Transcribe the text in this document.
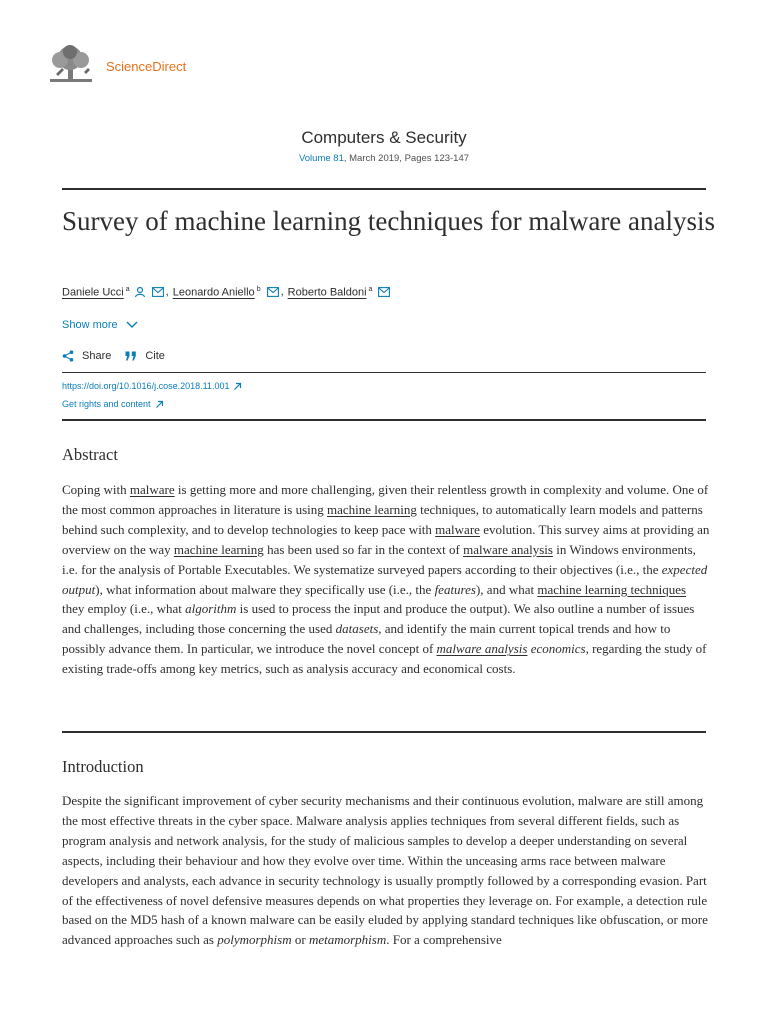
ScienceDirect
Computers & Security
Volume 81, March 2019, Pages 123-147
Survey of machine learning techniques for malware analysis
Daniele Ucci $^a$	, Leonardo Aniello $^b$ , Roberto Baldoni $^a$
Show more
Share	Cite
https://doi.org/10.1016/j.cose.2018.11.001
Get rights and content
Abstract

Coping with malware is getting more and more challenging, given their relentless growth in complexity and volume. One of the most common approaches in literature is using machine learning techniques, to automatically learn models and patterns behind such complexity, and to develop technologies to keep pace with malware evolution. This survey aims at providing an overview on the way machine learning has been used so far in the context of malware analysis in Windows environments, i.e. for the analysis of Portable Executables. We systematize surveyed papers according to their objectives (i.e., the expected output), what information about malware they specifically use (i.e., the features), and what machine learning techniques they employ (i.e., what algorithm is used to process the input and produce the output). We also outline a number of issues and challenges, including those concerning the used datasets, and identify the main current topical trends and how to possibly advance them. In particular, we introduce the novel concept of malware analysis economics, regarding the study of existing trade-offs among key metrics, such as analysis accuracy and economical costs.

Introduction

Despite the significant improvement of cyber security mechanisms and their continuous evolution, malware are still among the most effective threats in the cyber space. Malware analysis applies techniques from several different fields, such as program analysis and network analysis, for the study of malicious samples to develop a deeper understanding on several aspects, including their behaviour and how they evolve over time. Within the unceasing arms race between malware developers and analysts, each advance in security technology is usually promptly followed by a corresponding evasion. Part of the effectiveness of novel defensive measures depends on what properties they leverage on. For example, a detection rule based on the MD5 hash of a known malware can be easily eluded by applying standard techniques like obfuscation, or more advanced approaches such as polymorphism or metamorphism. For a comprehensive
